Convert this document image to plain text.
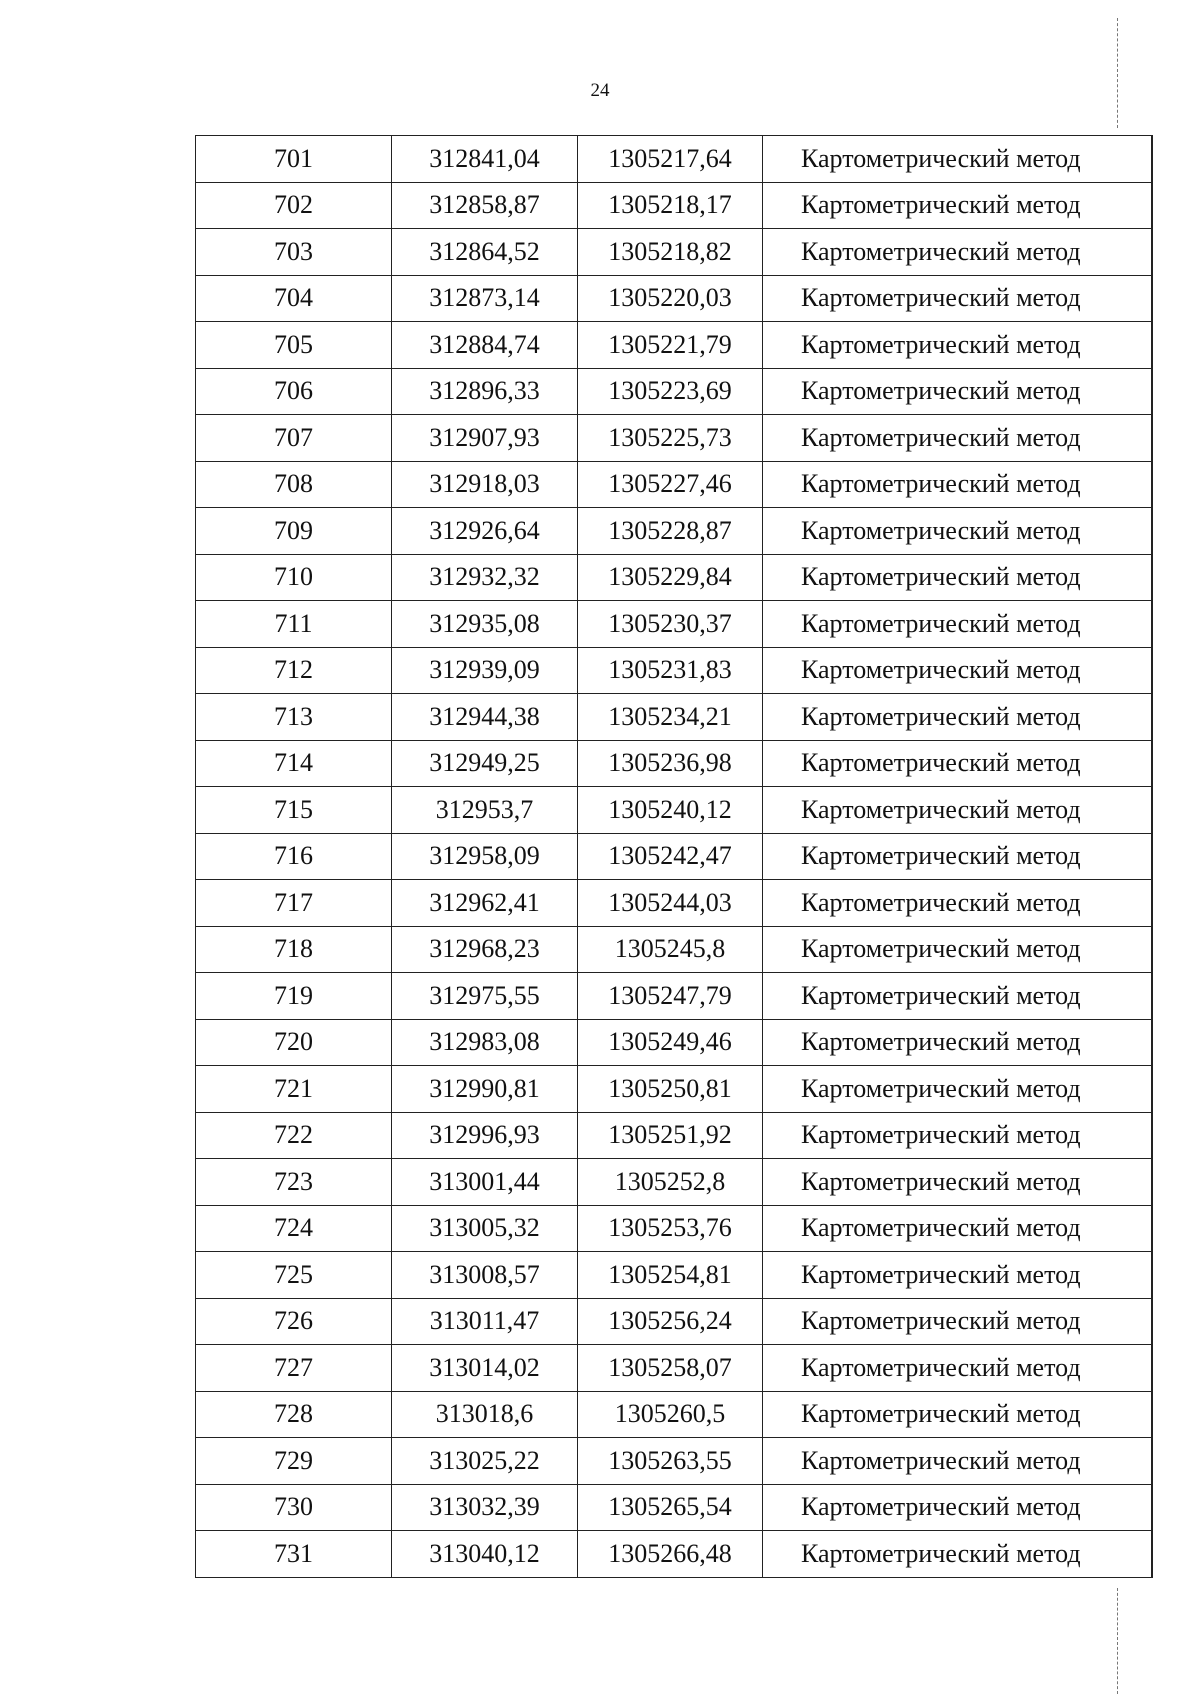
24
701	312841,04	1305217,64	Картометрический метод
702	312858,87	1305218,17	Картометрический метод
703	312864,52	1305218,82	Картометрический метод
704	312873,14	1305220,03	Картометрический метод
705	312884,74	1305221,79	Картометрический метод
706	312896,33	1305223,69	Картометрический метод
707	312907,93	1305225,73	Картометрический метод
708	312918,03	1305227,46	Картометрический метод
709	312926,64	1305228,87	Картометрический метод
710	312932,32	1305229,84	Картометрический метод
711	312935,08	1305230,37	Картометрический метод
712	312939,09	1305231,83	Картометрический метод
713	312944,38	1305234,21	Картометрический метод
714	312949,25	1305236,98	Картометрический метод
715	312953,7	1305240,12	Картометрический метод
716	312958,09	1305242,47	Картометрический метод
717	312962,41	1305244,03	Картометрический метод
718	312968,23	1305245,8	Картометрический метод
719	312975,55	1305247,79	Картометрический метод
720	312983,08	1305249,46	Картометрический метод
721	312990,81	1305250,81	Картометрический метод
722	312996,93	1305251,92	Картометрический метод
723	313001,44	1305252,8	Картометрический метод
724	313005,32	1305253,76	Картометрический метод
725	313008,57	1305254,81	Картометрический метод
726	313011,47	1305256,24	Картометрический метод
727	313014,02	1305258,07	Картометрический метод
728	313018,6	1305260,5	Картометрический метод
729	313025,22	1305263,55	Картометрический метод
730	313032,39	1305265,54	Картометрический метод
731	313040,12	1305266,48	Картометрический метод
